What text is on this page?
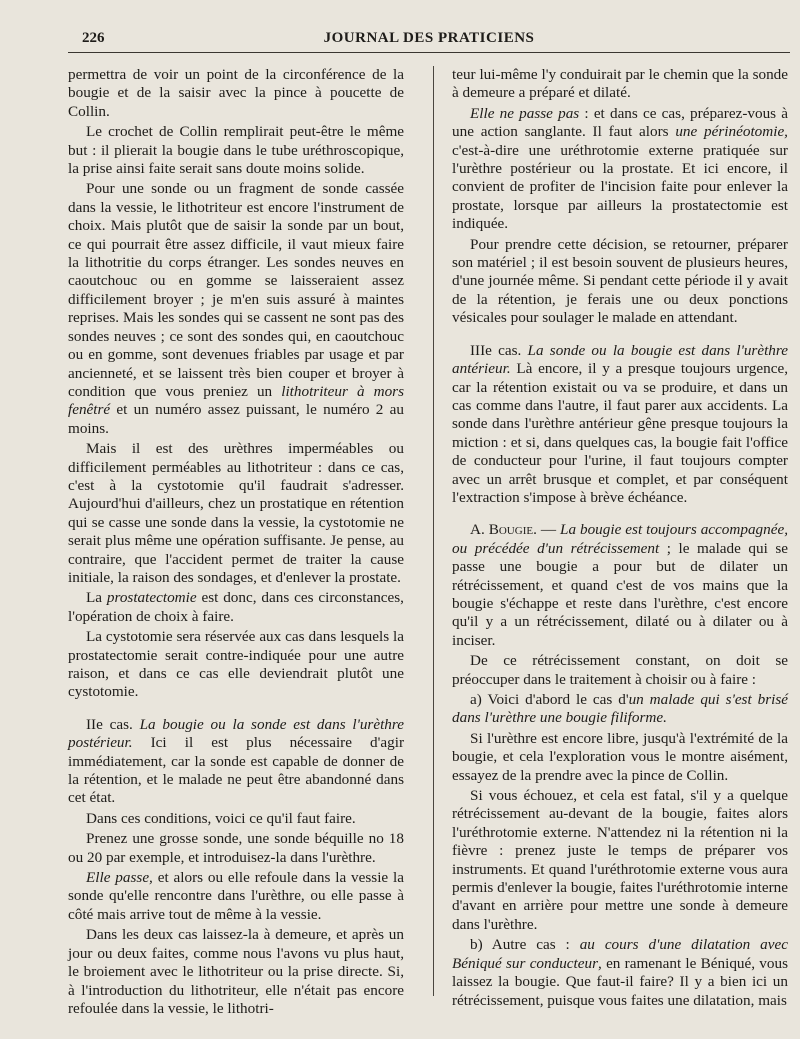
226	JOURNAL DES PRATICIENS

permettra de voir un point de la circonférence de la bougie et de la saisir avec la pince à poucette de Collin.

Le crochet de Collin remplirait peut-être le même but : il plierait la bougie dans le tube uréthroscopique, la prise ainsi faite serait sans doute moins solide.

Pour une sonde ou un fragment de sonde cassée dans la vessie, le lithotriteur est encore l'instrument de choix. Mais plutôt que de saisir la sonde par un bout, ce qui pourrait être assez difficile, il vaut mieux faire la lithotritie du corps étranger. Les sondes neuves en caoutchouc ou en gomme se laisseraient assez difficilement broyer ; je m'en suis assuré à maintes reprises. Mais les sondes qui se cassent ne sont pas des sondes neuves ; ce sont des sondes qui, en caoutchouc ou en gomme, sont devenues friables par usage et par ancienneté, et se laissent très bien couper et broyer à condition que vous preniez un lithotriteur à mors fenêtré et un numéro assez puissant, le numéro 2 au moins.

Mais il est des urèthres imperméables ou difficilement perméables au lithotriteur : dans ce cas, c'est à la cystotomie qu'il faudrait s'adresser. Aujourd'hui d'ailleurs, chez un prostatique en rétention qui se casse une sonde dans la vessie, la cystotomie ne serait plus même une opération suffisante. Je pense, au contraire, que l'accident permet de traiter la cause initiale, la raison des sondages, et d'enlever la prostate.

La prostatectomie est donc, dans ces circonstances, l'opération de choix à faire.

La cystotomie sera réservée aux cas dans lesquels la prostatectomie serait contre-indiquée pour une autre raison, et dans ce cas elle deviendrait plutôt une cystotomie.

IIe cas. La bougie ou la sonde est dans l'urèthre postérieur. Ici il est plus nécessaire d'agir immédiatement, car la sonde est capable de donner de la rétention, et le malade ne peut être abandonné dans cet état.

Dans ces conditions, voici ce qu'il faut faire.

Prenez une grosse sonde, une sonde béquille no 18 ou 20 par exemple, et introduisez-la dans l'urèthre.

Elle passe, et alors ou elle refoule dans la vessie la sonde qu'elle rencontre dans l'urèthre, ou elle passe à côté mais arrive tout de même à la vessie.

Dans les deux cas laissez-la à demeure, et après un jour ou deux faites, comme nous l'avons vu plus haut, le broiement avec le lithotriteur ou la prise directe. Si, à l'introduction du lithotriteur, elle n'était pas encore refoulée dans la vessie, le lithotri-

teur lui-même l'y conduirait par le chemin que la sonde à demeure a préparé et dilaté.

Elle ne passe pas : et dans ce cas, préparez-vous à une action sanglante. Il faut alors une périnéotomie, c'est-à-dire une uréthrotomie externe pratiquée sur l'urèthre postérieur ou la prostate. Et ici encore, il convient de profiter de l'incision faite pour enlever la prostate, lorsque par ailleurs la prostatectomie est indiquée.

Pour prendre cette décision, se retourner, préparer son matériel ; il est besoin souvent de plusieurs heures, d'une journée même. Si pendant cette période il y avait de la rétention, je ferais une ou deux ponctions vésicales pour soulager le malade en attendant.

IIIe cas. La sonde ou la bougie est dans l'urèthre antérieur. Là encore, il y a presque toujours urgence, car la rétention existait ou va se produire, et dans un cas comme dans l'autre, il faut parer aux accidents. La sonde dans l'urèthre antérieur gêne presque toujours la miction : et si, dans quelques cas, la bougie fait l'office de conducteur pour l'urine, il faut toujours compter avec un arrêt brusque et complet, et par conséquent l'extraction s'impose à brève échéance.

A. Bougie. — La bougie est toujours accompagnée, ou précédée d'un rétrécissement ; le malade qui se passe une bougie a pour but de dilater un rétrécissement, et quand c'est de vos mains que la bougie s'échappe et reste dans l'urèthre, c'est encore qu'il y a un rétrécissement, dilaté ou à dilater ou à inciser.

De ce rétrécissement constant, on doit se préoccuper dans le traitement à choisir ou à faire :

a) Voici d'abord le cas d'un malade qui s'est brisé dans l'urèthre une bougie filiforme.

Si l'urèthre est encore libre, jusqu'à l'extrémité de la bougie, et cela l'exploration vous le montre aisément, essayez de la prendre avec la pince de Collin.

Si vous échouez, et cela est fatal, s'il y a quelque rétrécissement au-devant de la bougie, faites alors l'uréthrotomie externe. N'attendez ni la rétention ni la fièvre : prenez juste le temps de préparer vos instruments. Et quand l'uréthrotomie externe vous aura permis d'enlever la bougie, faites l'uréthrotomie interne d'avant en arrière pour mettre une sonde à demeure dans l'urèthre.

b) Autre cas : au cours d'une dilatation avec Béniqué sur conducteur, en ramenant le Béniqué, vous laissez la bougie. Que faut-il faire? Il y a bien ici un rétrécissement, puisque vous faites une dilatation, mais
